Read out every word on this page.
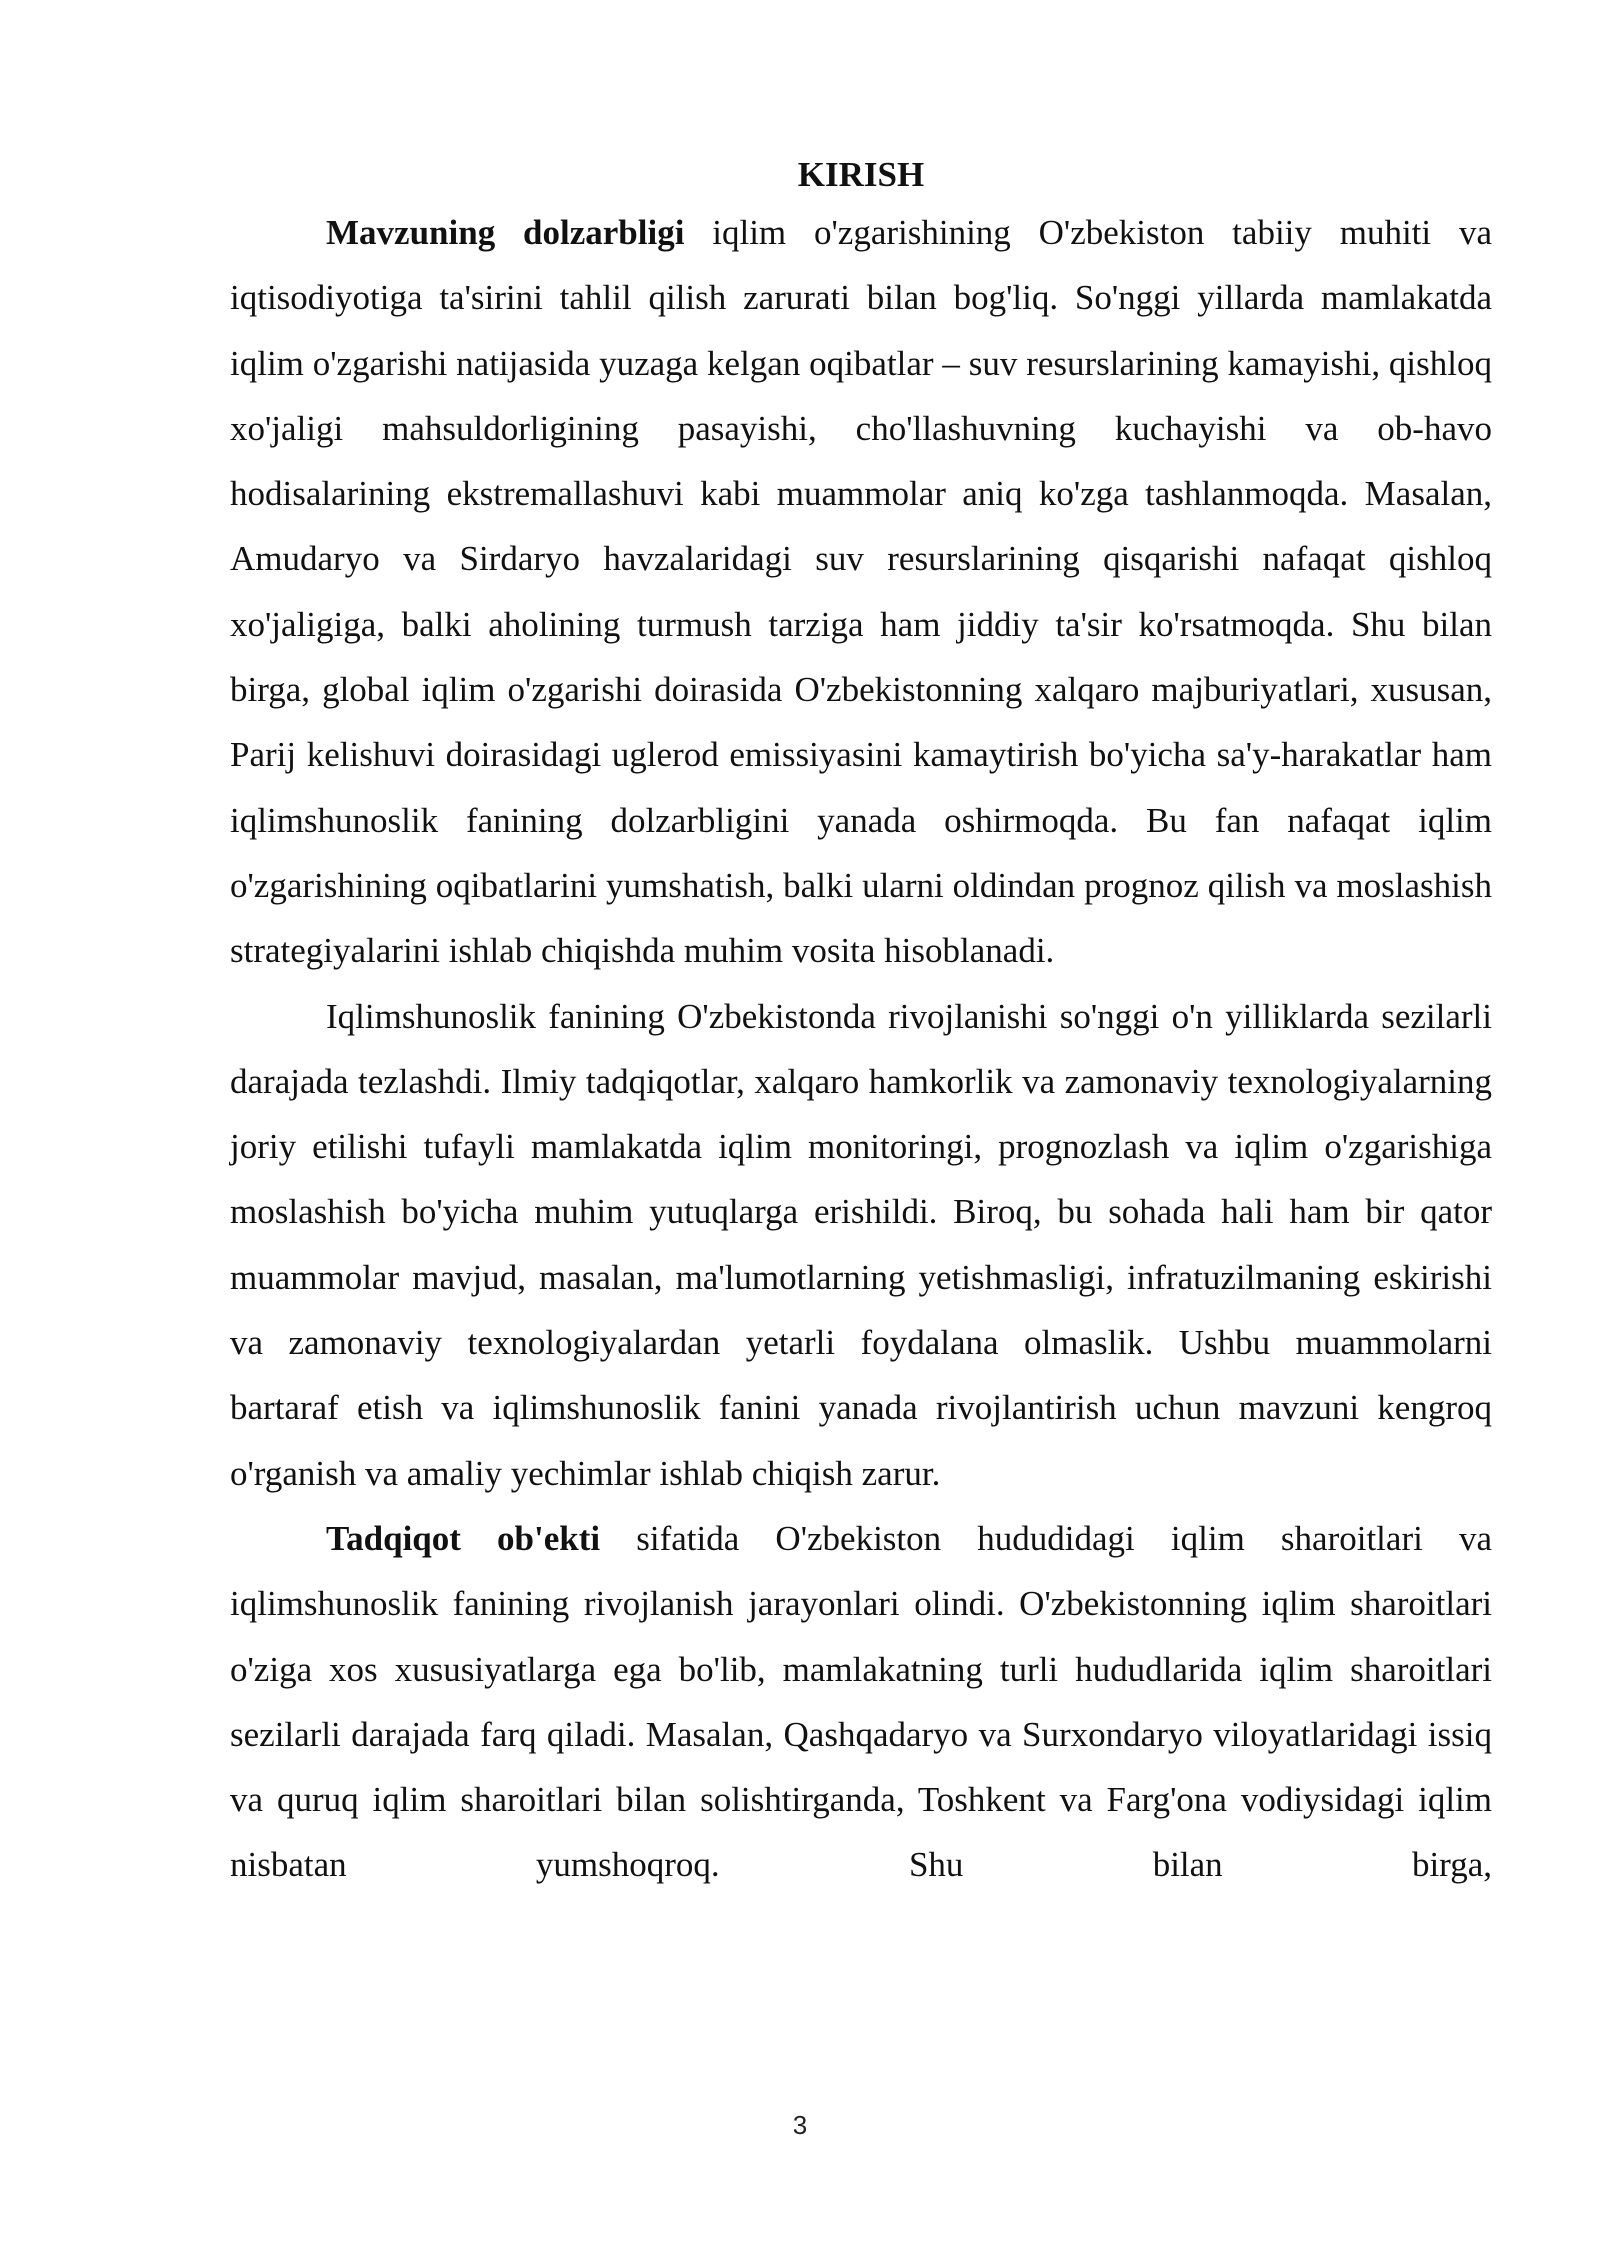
KIRISH

Mavzuning dolzarbligi iqlim o'zgarishining O'zbekiston tabiiy muhiti va iqtisodiyotiga ta'sirini tahlil qilish zarurati bilan bog'liq. So'nggi yillarda mamlakatda iqlim o'zgarishi natijasida yuzaga kelgan oqibatlar – suv resurslarining kamayishi, qishloq xo'jaligi mahsuldorligining pasayishi, cho'llashuvning kuchayishi va ob-havo hodisalarining ekstremallashuvi kabi muammolar aniq ko'zga tashlanmoqda. Masalan, Amudaryo va Sirdaryo havzalaridagi suv resurslarining qisqarishi nafaqat qishloq xo'jaligiga, balki aholining turmush tarziga ham jiddiy ta'sir ko'rsatmoqda. Shu bilan birga, global iqlim o'zgarishi doirasida O'zbekistonning xalqaro majburiyatlari, xususan, Parij kelishuvi doirasidagi uglerod emissiyasini kamaytirish bo'yicha sa'y-harakatlar ham iqlimshunoslik fanining dolzarbligini yanada oshirmoqda. Bu fan nafaqat iqlim o'zgarishining oqibatlarini yumshatish, balki ularni oldindan prognoz qilish va moslashish strategiyalarini ishlab chiqishda muhim vosita hisoblanadi.

Iqlimshunoslik fanining O'zbekistonda rivojlanishi so'nggi o'n yilliklarda sezilarli darajada tezlashdi. Ilmiy tadqiqotlar, xalqaro hamkorlik va zamonaviy texnologiyalarning joriy etilishi tufayli mamlakatda iqlim monitoringi, prognozlash va iqlim o'zgarishiga moslashish bo'yicha muhim yutuqlarga erishildi. Biroq, bu sohada hali ham bir qator muammolar mavjud, masalan, ma'lumotlarning yetishmasligi, infratuzilmaning eskirishi va zamonaviy texnologiyalardan yetarli foydalana olmaslik. Ushbu muammolarni bartaraf etish va iqlimshunoslik fanini yanada rivojlantirish uchun mavzuni kengroq o'rganish va amaliy yechimlar ishlab chiqish zarur.

Tadqiqot ob'ekti sifatida O'zbekiston hududidagi iqlim sharoitlari va iqlimshunoslik fanining rivojlanish jarayonlari olindi. O'zbekistonning iqlim sharoitlari o'ziga xos xususiyatlarga ega bo'lib, mamlakatning turli hududlarida iqlim sharoitlari sezilarli darajada farq qiladi. Masalan, Qashqadaryo va Surxondaryo viloyatlaridagi issiq va quruq iqlim sharoitlari bilan solishtirganda, Toshkent va Farg'ona vodiysidagi iqlim nisbatan yumshoqroq. Shu bilan birga,

3
